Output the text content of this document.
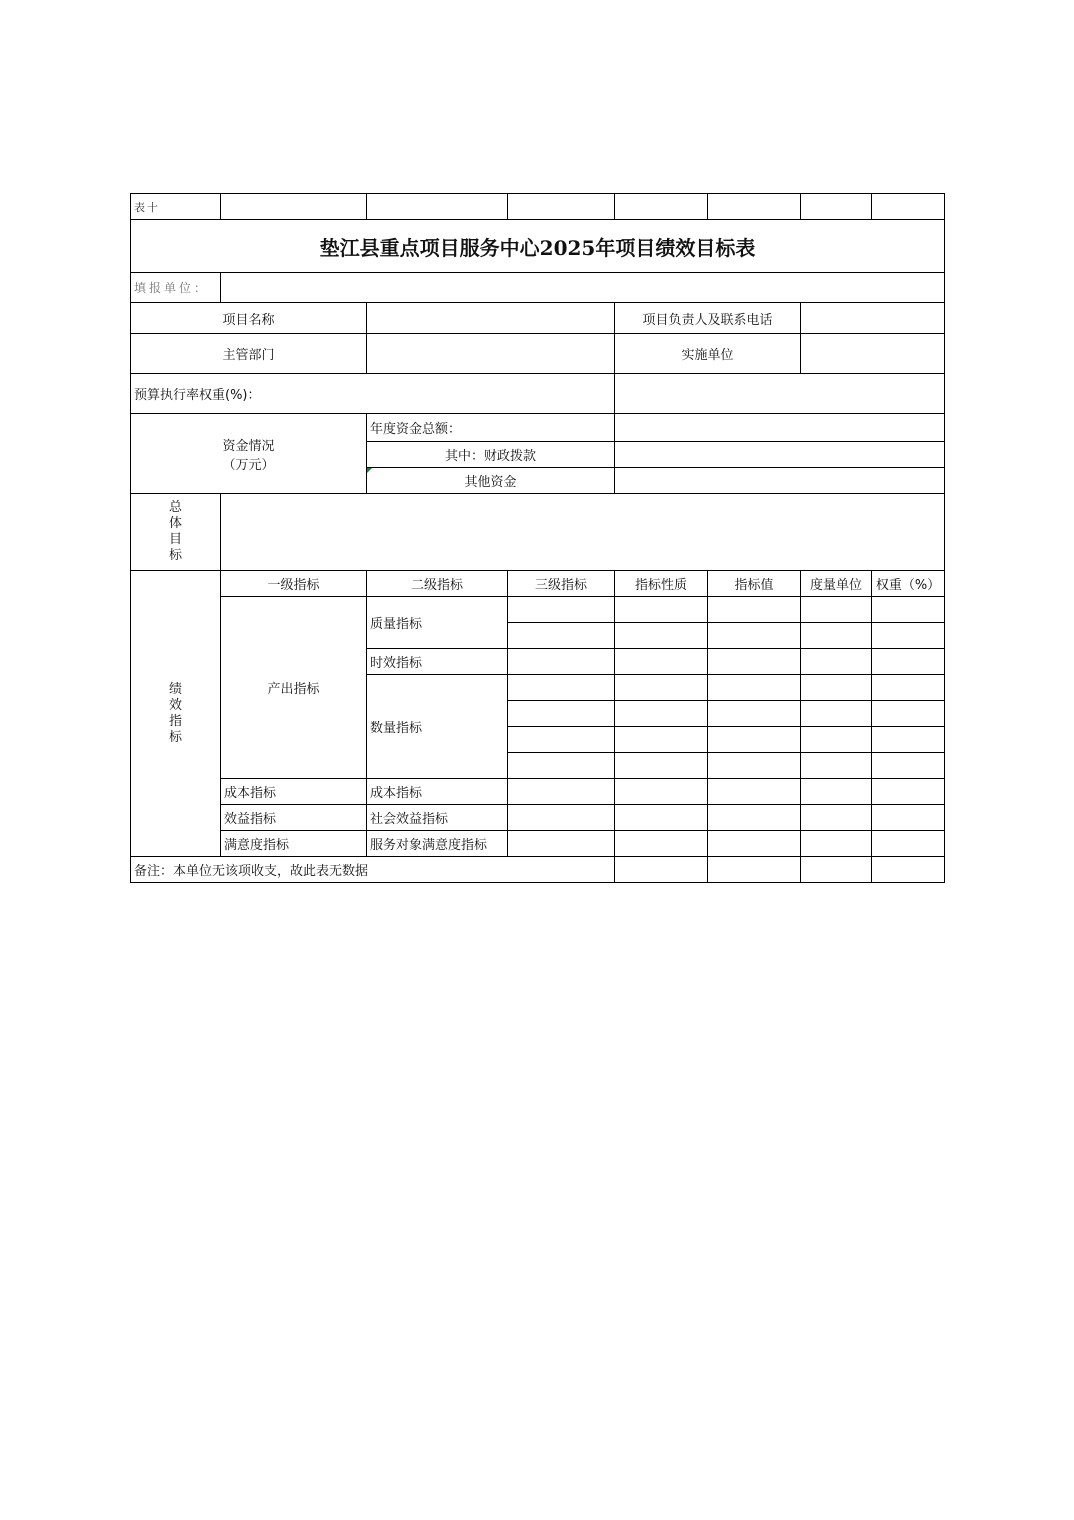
表十							

垫江县重点项目服务中心2025年项目绩效目标表							

填报单位：							
项目名称				项目负责人及联系电话			
主管部门				实施单位			
预算执行率权重(%)：							

资金情况
（万元）		年度资金总额：					
		其中：财政拨款					
		其他资金					
总体目标							
绩效指标	一级指标	二级指标	三级指标	指标性质	指标值	度量单位	权重（%）
	产出指标	质量指标					

		时效指标					
		数量指标					

	成本指标	成本指标					
	效益指标	社会效益指标					
	满意度指标	服务对象满意度指标					
备注：本单位无该项收支，故此表无数据							
